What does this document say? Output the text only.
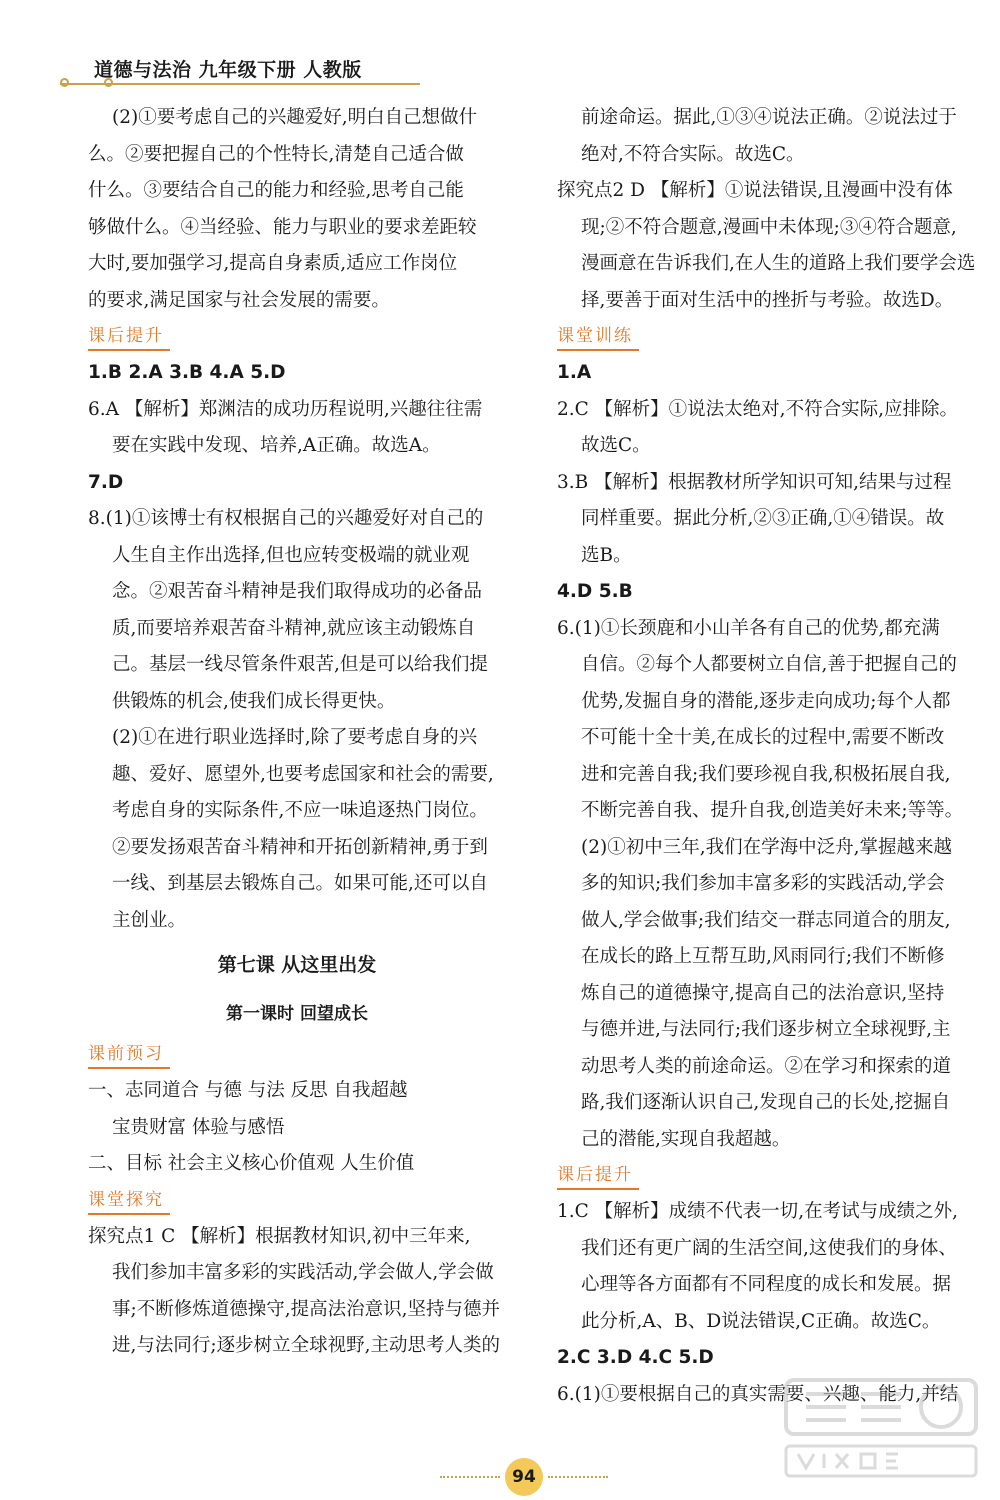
道德与法治 九年级下册 人教版

(2)①要考虑自己的兴趣爱好,明白自己想做什

么。②要把握自己的个性特长,清楚自己适合做

什么。③要结合自己的能力和经验,思考自己能

够做什么。④当经验、能力与职业的要求差距较

大时,要加强学习,提高自身素质,适应工作岗位

的要求,满足国家与社会发展的需要。

课后提升

1.B 2.A 3.B 4.A 5.D

6.A 【解析】郑渊洁的成功历程说明,兴趣往往需

要在实践中发现、培养,A正确。故选A。

7.D

8.(1)①该博士有权根据自己的兴趣爱好对自己的

人生自主作出选择,但也应转变极端的就业观

念。②艰苦奋斗精神是我们取得成功的必备品

质,而要培养艰苦奋斗精神,就应该主动锻炼自

己。基层一线尽管条件艰苦,但是可以给我们提

供锻炼的机会,使我们成长得更快。

(2)①在进行职业选择时,除了要考虑自身的兴

趣、爱好、愿望外,也要考虑国家和社会的需要,

考虑自身的实际条件,不应一味追逐热门岗位。

②要发扬艰苦奋斗精神和开拓创新精神,勇于到

一线、到基层去锻炼自己。如果可能,还可以自

主创业。

第七课 从这里出发
第一课时 回望成长
课前预习

一、志同道合 与德 与法 反思 自我超越

宝贵财富 体验与感悟

二、目标 社会主义核心价值观 人生价值

课堂探究

探究点1 C 【解析】根据教材知识,初中三年来,

我们参加丰富多彩的实践活动,学会做人,学会做

事;不断修炼道德操守,提高法治意识,坚持与德并

进,与法同行;逐步树立全球视野,主动思考人类的

前途命运。据此,①③④说法正确。②说法过于

绝对,不符合实际。故选C。

探究点2 D 【解析】①说法错误,且漫画中没有体

现;②不符合题意,漫画中未体现;③④符合题意,

漫画意在告诉我们,在人生的道路上我们要学会选

择,要善于面对生活中的挫折与考验。故选D。

课堂训练

1.A

2.C 【解析】①说法太绝对,不符合实际,应排除。

故选C。

3.B 【解析】根据教材所学知识可知,结果与过程

同样重要。据此分析,②③正确,①④错误。故

选B。

4.D 5.B

6.(1)①长颈鹿和小山羊各有自己的优势,都充满

自信。②每个人都要树立自信,善于把握自己的

优势,发掘自身的潜能,逐步走向成功;每个人都

不可能十全十美,在成长的过程中,需要不断改

进和完善自我;我们要珍视自我,积极拓展自我,

不断完善自我、提升自我,创造美好未来;等等。

(2)①初中三年,我们在学海中泛舟,掌握越来越

多的知识;我们参加丰富多彩的实践活动,学会

做人,学会做事;我们结交一群志同道合的朋友,

在成长的路上互帮互助,风雨同行;我们不断修

炼自己的道德操守,提高自己的法治意识,坚持

与德并进,与法同行;我们逐步树立全球视野,主

动思考人类的前途命运。②在学习和探索的道

路,我们逐渐认识自己,发现自己的长处,挖掘自

己的潜能,实现自我超越。

课后提升

1.C 【解析】成绩不代表一切,在考试与成绩之外,

我们还有更广阔的生活空间,这使我们的身体、

心理等各方面都有不同程度的成长和发展。据

此分析,A、B、D说法错误,C正确。故选C。

2.C 3.D 4.C 5.D

6.(1)①要根据自己的真实需要、兴趣、能力,并结

94
